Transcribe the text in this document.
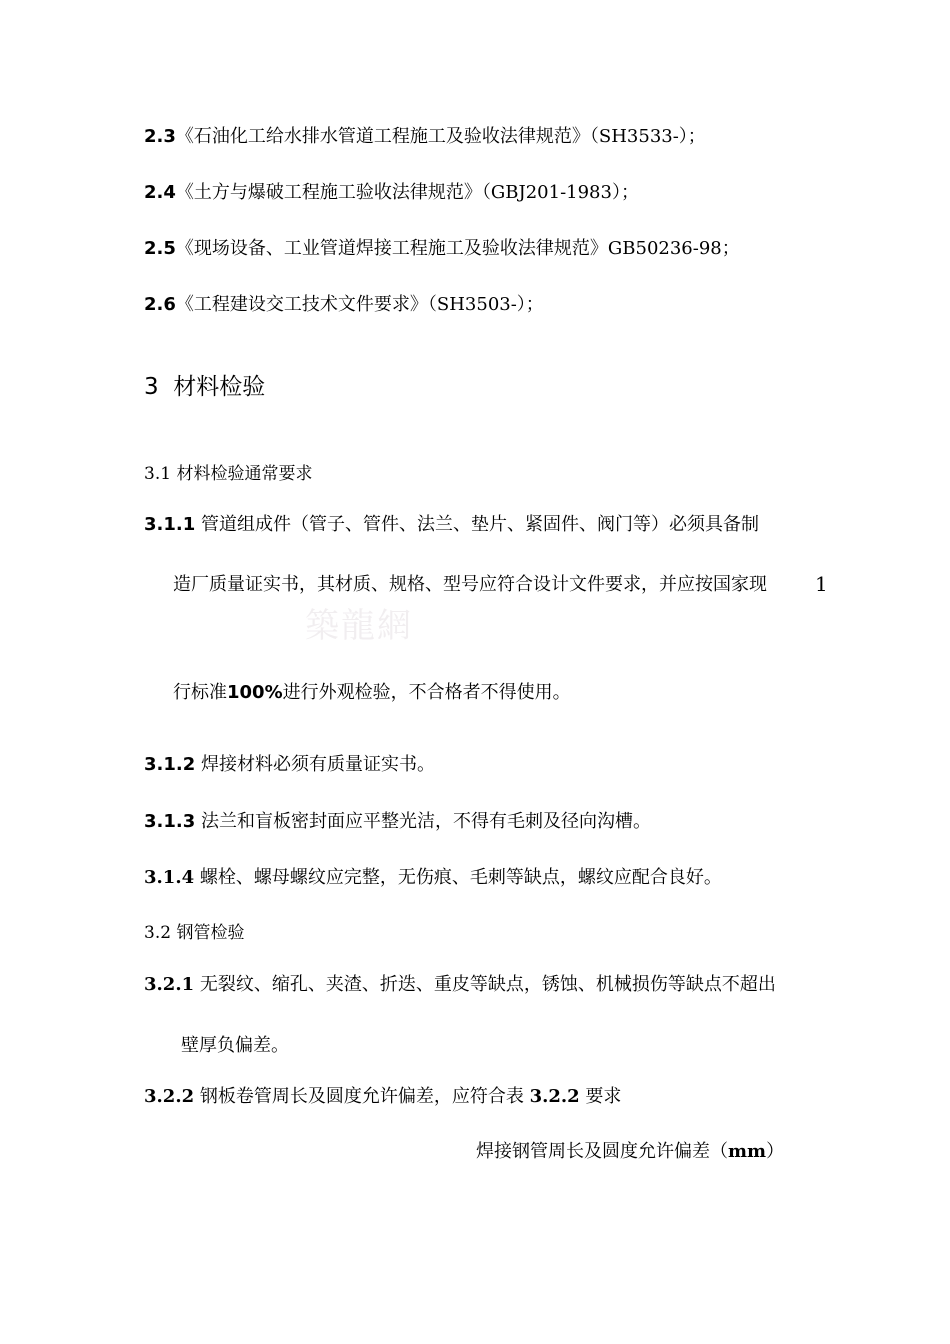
2.3《石油化工给水排水管道工程施工及验收法律规范》（SH3533-）；
2.4《土方与爆破工程施工验收法律规范》（GBJ201-1983）；
2.5《现场设备、工业管道焊接工程施工及验收法律规范》GB50236-98；
2.6《工程建设交工技术文件要求》（SH3503-）；
3 材料检验
3.1 材料检验通常要求
3.1.1 管道组成件（管子、管件、法兰、垫片、紧固件、阀门等）必须具备制
造厂质量证实书，其材质、规格、型号应符合设计文件要求，并应按国家现 1
築龍網
行标准100%进行外观检验，不合格者不得使用。
3.1.2 焊接材料必须有质量证实书。
3.1.3 法兰和盲板密封面应平整光洁，不得有毛刺及径向沟槽。
3.1.4 螺栓、螺母螺纹应完整，无伤痕、毛刺等缺点，螺纹应配合良好。
3.2 钢管检验
3.2.1 无裂纹、缩孔、夹渣、折迭、重皮等缺点，锈蚀、机械损伤等缺点不超出
壁厚负偏差。
3.2.2 钢板卷管周长及圆度允许偏差，应符合表 3.2.2 要求
焊接钢管周长及圆度允许偏差（mm）
